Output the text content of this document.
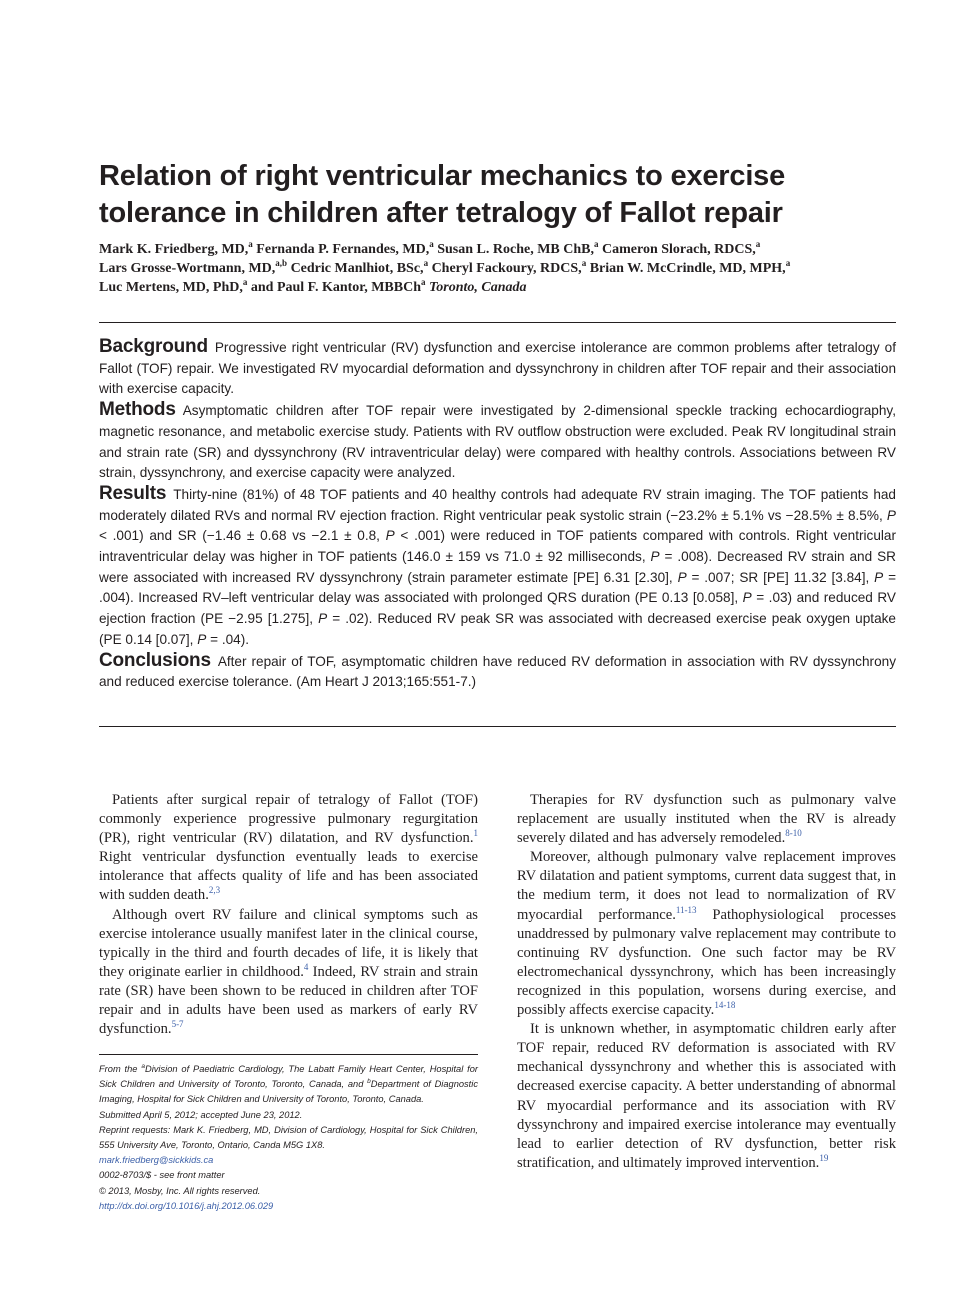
Relation of right ventricular mechanics to exercise tolerance in children after tetralogy of Fallot repair
Mark K. Friedberg, MD,$^a$ Fernanda P. Fernandes, MD,$^a$ Susan L. Roche, MB ChB,$^a$ Cameron Slorach, RDCS,$^a$
Lars Grosse-Wortmann, MD,$^{a,b}$ Cedric Manlhiot, BSc,$^a$ Cheryl Fackoury, RDCS,$^a$ Brian W. McCrindle, MD, MPH,$^a$
Luc Mertens, MD, PhD,$^a$ and Paul F. Kantor, MBBCh$^a$ Toronto, Canada

Background Progressive right ventricular (RV) dysfunction and exercise intolerance are common problems after tetralogy of Fallot (TOF) repair. We investigated RV myocardial deformation and dyssynchrony in children after TOF repair and their association with exercise capacity.

Methods Asymptomatic children after TOF repair were investigated by 2-dimensional speckle tracking echocardiography, magnetic resonance, and metabolic exercise study. Patients with RV outflow obstruction were excluded. Peak RV longitudinal strain and strain rate (SR) and dyssynchrony (RV intraventricular delay) were compared with healthy controls. Associations between RV strain, dyssynchrony, and exercise capacity were analyzed.

Results Thirty-nine (81%) of 48 TOF patients and 40 healthy controls had adequate RV strain imaging. The TOF patients had moderately dilated RVs and normal RV ejection fraction. Right ventricular peak systolic strain (−23.2% ± 5.1% vs −28.5% ± 8.5%, P < .001) and SR (−1.46 ± 0.68 vs −2.1 ± 0.8, P < .001) were reduced in TOF patients compared with controls. Right ventricular intraventricular delay was higher in TOF patients (146.0 ± 159 vs 71.0 ± 92 milliseconds, P = .008). Decreased RV strain and SR were associated with increased RV dyssynchrony (strain parameter estimate [PE] 6.31 [2.30], P = .007; SR [PE] 11.32 [3.84], P = .004). Increased RV–left ventricular delay was associated with prolonged QRS duration (PE 0.13 [0.058], P = .03) and reduced RV ejection fraction (PE −2.95 [1.275], P = .02). Reduced RV peak SR was associated with decreased exercise peak oxygen uptake (PE 0.14 [0.07], P = .04).

Conclusions After repair of TOF, asymptomatic children have reduced RV deformation in association with RV dyssynchrony and reduced exercise tolerance. (Am Heart J 2013;165:551-7.)

Patients after surgical repair of tetralogy of Fallot (TOF) commonly experience progressive pulmonary regurgitation (PR), right ventricular (RV) dilatation, and RV dysfunction.$^1$ Right ventricular dysfunction eventually leads to exercise intolerance that affects quality of life and has been associated with sudden death.$^{2,3}$

Although overt RV failure and clinical symptoms such as exercise intolerance usually manifest later in the clinical course, typically in the third and fourth decades of life, it is likely that they originate earlier in childhood.$^4$ Indeed, RV strain and strain rate (SR) have been shown to be reduced in children after TOF repair and in adults have been used as markers of early RV dysfunction.$^{5-7}$

Therapies for RV dysfunction such as pulmonary valve replacement are usually instituted when the RV is already severely dilated and has adversely remodeled.$^{8-10}$

Moreover, although pulmonary valve replacement improves RV dilatation and patient symptoms, current data suggest that, in the medium term, it does not lead to normalization of RV myocardial performance.$^{11-13}$ Pathophysiological processes unaddressed by pulmonary valve replacement may contribute to continuing RV dysfunction. One such factor may be RV electromechanical dyssynchrony, which has been increasingly recognized in this population, worsens during exercise, and possibly affects exercise capacity.$^{14-18}$

It is unknown whether, in asymptomatic children early after TOF repair, reduced RV deformation is associated with RV mechanical dyssynchrony and whether this is associated with decreased exercise capacity. A better understanding of abnormal RV myocardial performance and its association with RV dyssynchrony and impaired exercise intolerance may eventually lead to earlier detection of RV dysfunction, better risk stratification, and ultimately improved intervention.$^{19}$

From the $^a$Division of Paediatric Cardiology, The Labatt Family Heart Center, Hospital for Sick Children and University of Toronto, Toronto, Canada, and $^b$Department of Diagnostic Imaging, Hospital for Sick Children and University of Toronto, Toronto, Canada.

Submitted April 5, 2012; accepted June 23, 2012.

Reprint requests: Mark K. Friedberg, MD, Division of Cardiology, Hospital for Sick Children, 555 University Ave, Toronto, Ontario, Canda M5G 1X8.

mark.friedberg@sickkids.ca

0002-8703/$ - see front matter

© 2013, Mosby, Inc. All rights reserved.

http://dx.doi.org/10.1016/j.ahj.2012.06.029
